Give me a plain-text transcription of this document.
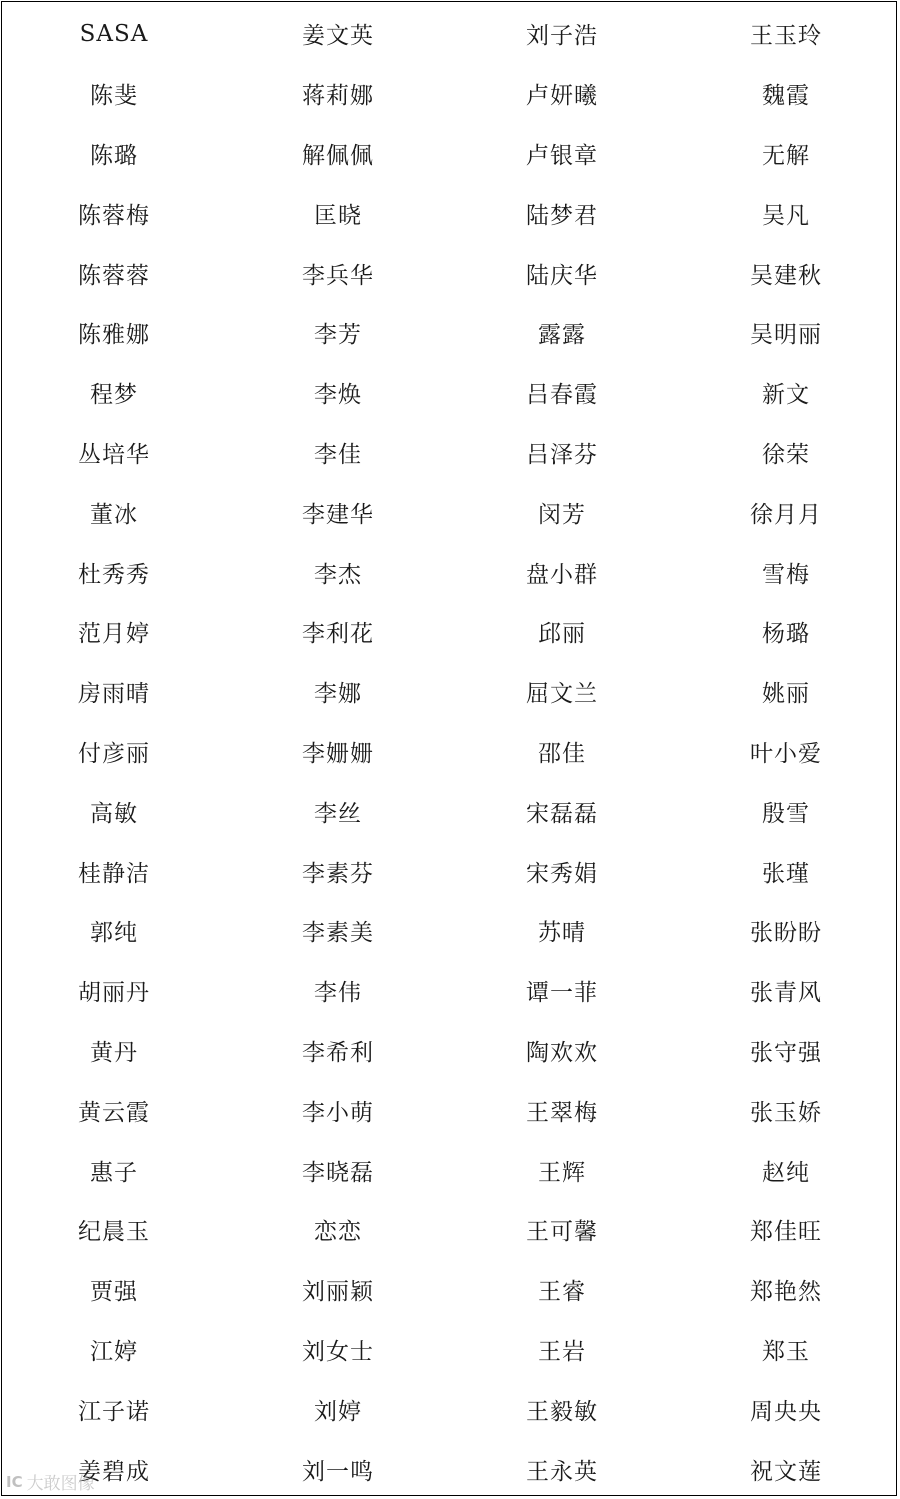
SASA	姜文英	刘子浩	王玉玲
陈斐	蒋莉娜	卢妍曦	魏霞
陈璐	解佩佩	卢银章	无解
陈蓉梅	匡晓	陆梦君	吴凡
陈蓉蓉	李兵华	陆庆华	吴建秋
陈雅娜	李芳	露露	吴明丽
程梦	李焕	吕春霞	新文
丛培华	李佳	吕泽芬	徐荣
董冰	李建华	闵芳	徐月月
杜秀秀	李杰	盘小群	雪梅
范月婷	李利花	邱丽	杨璐
房雨晴	李娜	屈文兰	姚丽
付彦丽	李姗姗	邵佳	叶小爱
高敏	李丝	宋磊磊	殷雪
桂静洁	李素芬	宋秀娟	张瑾
郭纯	李素美	苏晴	张盼盼
胡丽丹	李伟	谭一菲	张青风
黄丹	李希利	陶欢欢	张守强
黄云霞	李小萌	王翠梅	张玉娇
惠子	李晓磊	王辉	赵纯
纪晨玉	恋恋	王可馨	郑佳旺
贾强	刘丽颖	王睿	郑艳然
江婷	刘女士	王岩	郑玉
江子诺	刘婷	王毅敏	周央央
姜碧成	刘一鸣	王永英	祝文莲
IC 大敢图像
